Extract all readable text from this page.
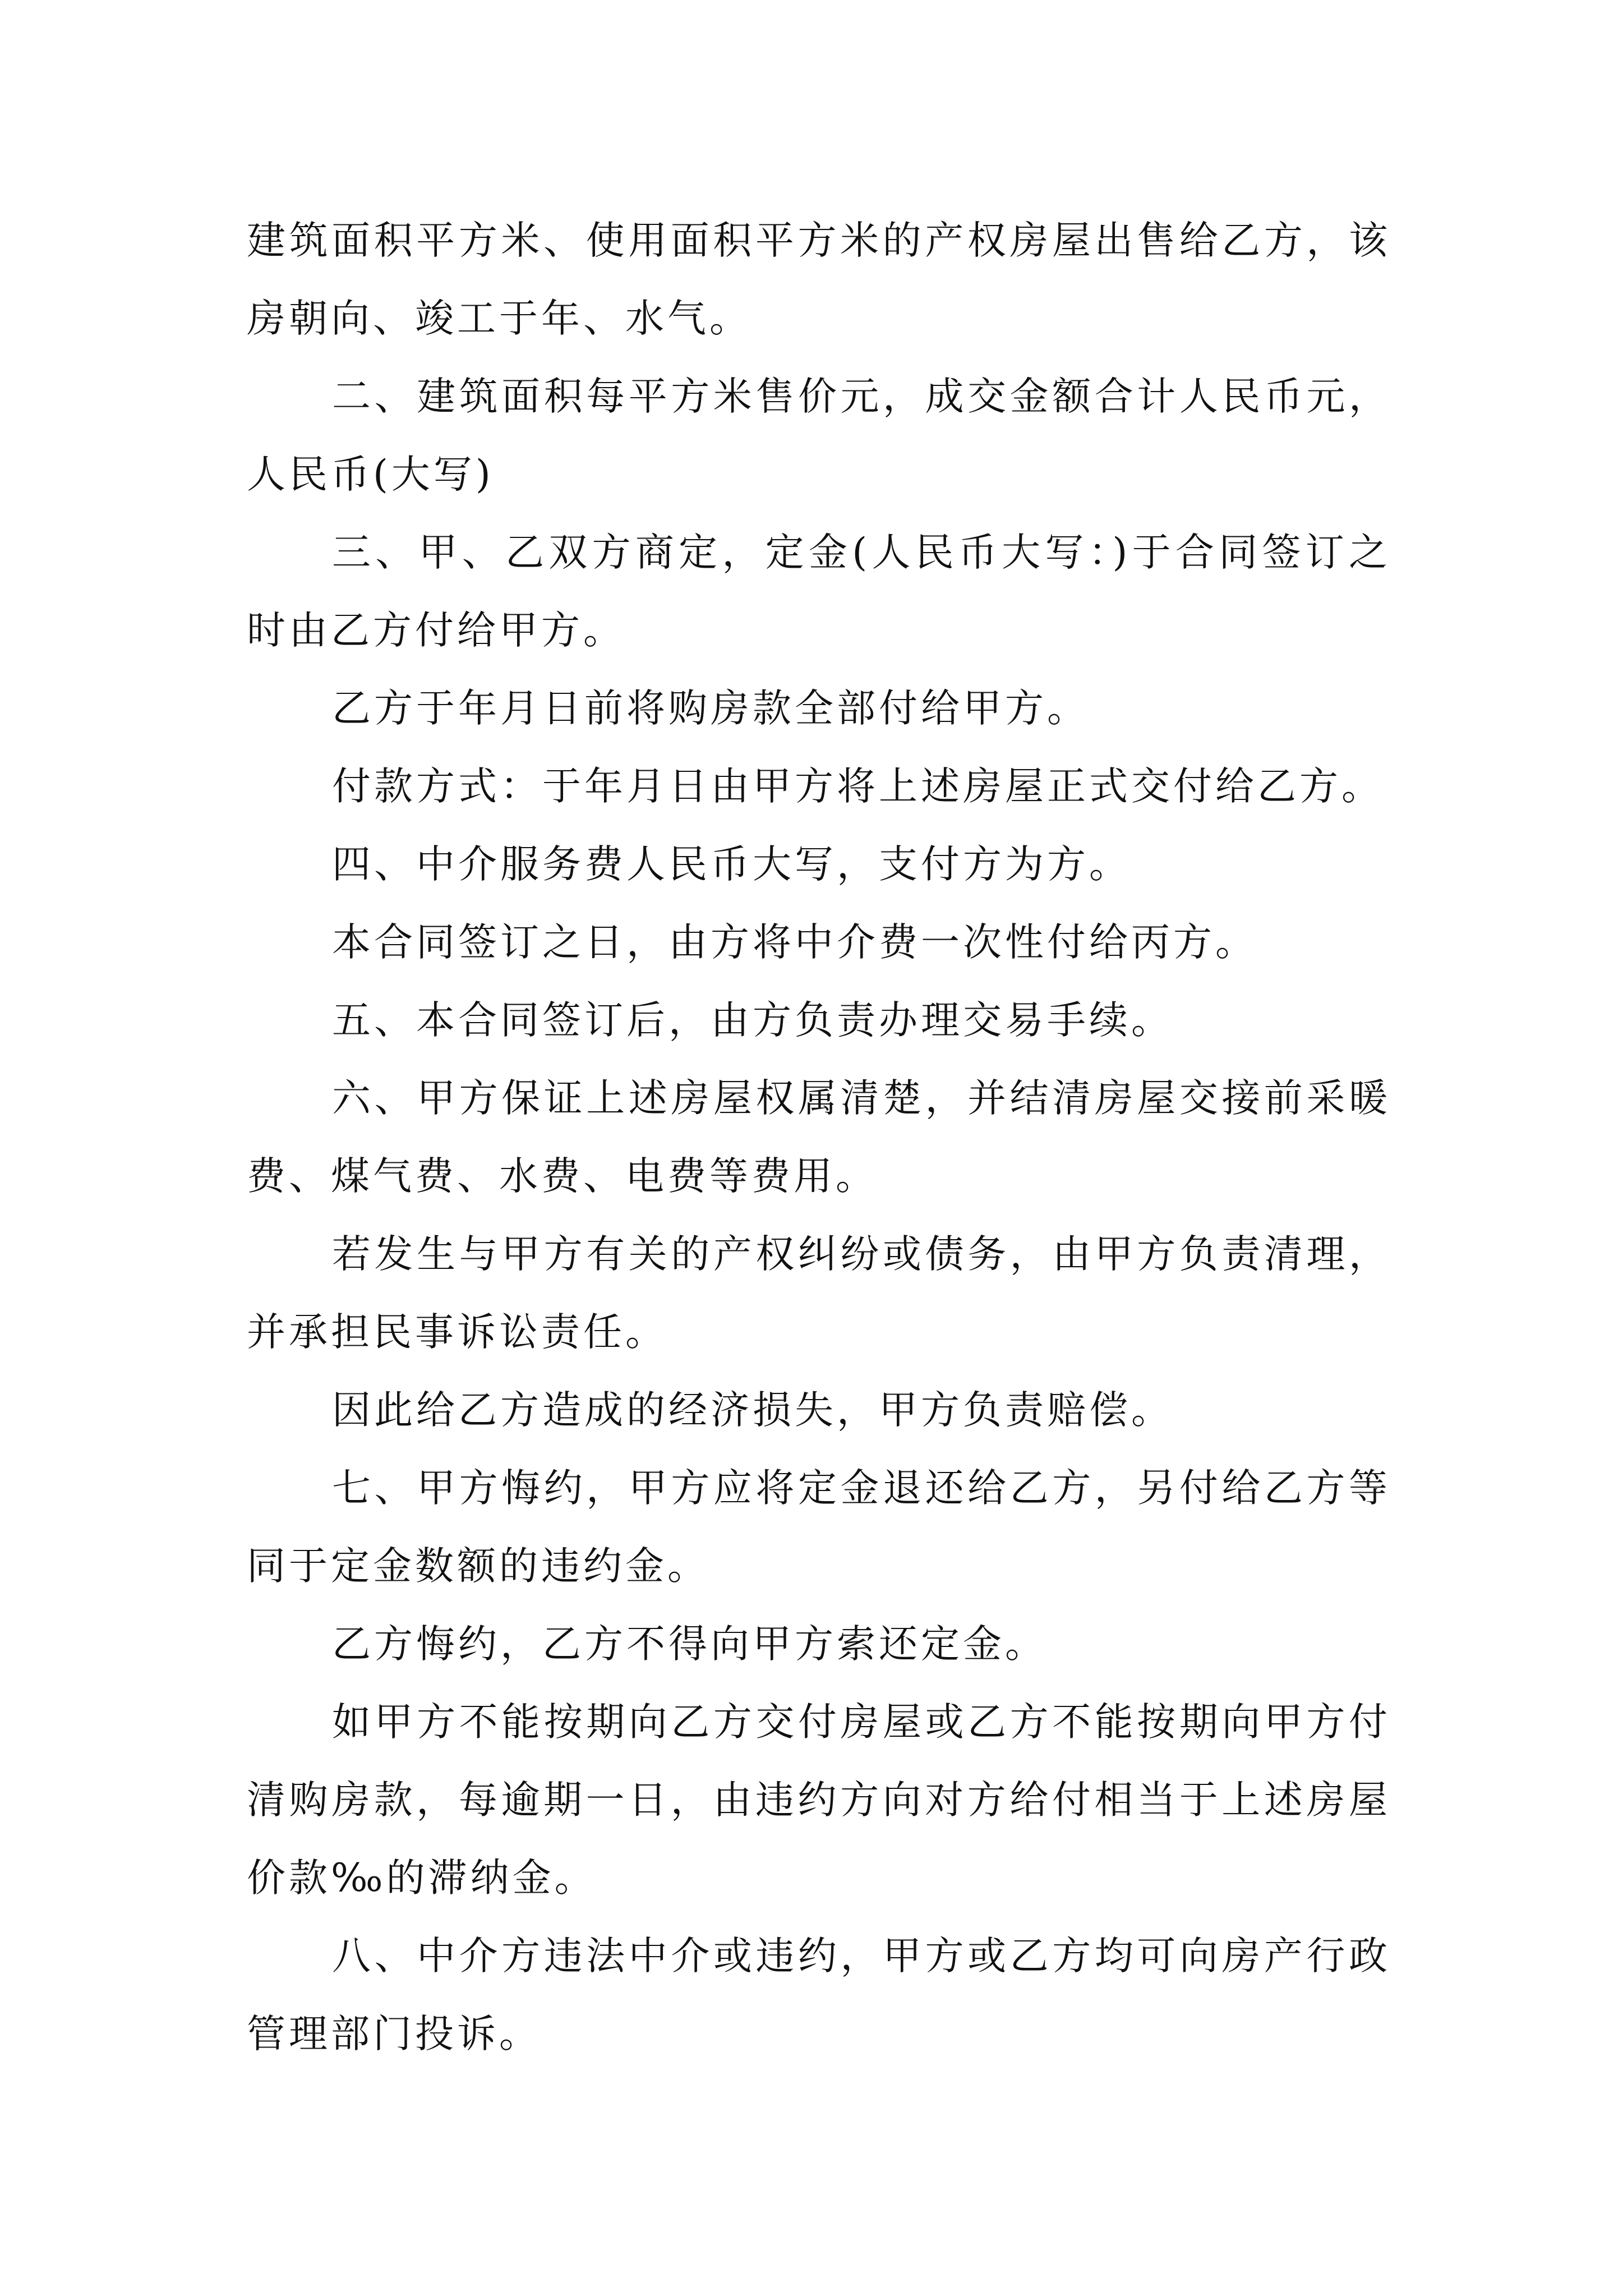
建筑面积平方米、使用面积平方米的产权房屋出售给乙方，该房朝向、竣工于年、水气。

二、建筑面积每平方米售价元，成交金额合计人民币元，人民币(大写)

三、甲、乙双方商定，定金(人民币大写：)于合同签订之时由乙方付给甲方。

乙方于年月日前将购房款全部付给甲方。

付款方式：于年月日由甲方将上述房屋正式交付给乙方。

四、中介服务费人民币大写，支付方为方。

本合同签订之日，由方将中介费一次性付给丙方。

五、本合同签订后，由方负责办理交易手续。

六、甲方保证上述房屋权属清楚，并结清房屋交接前采暖费、煤气费、水费、电费等费用。

若发生与甲方有关的产权纠纷或债务，由甲方负责清理，并承担民事诉讼责任。

因此给乙方造成的经济损失，甲方负责赔偿。

七、甲方悔约，甲方应将定金退还给乙方，另付给乙方等同于定金数额的违约金。

乙方悔约，乙方不得向甲方索还定金。

如甲方不能按期向乙方交付房屋或乙方不能按期向甲方付清购房款，每逾期一日，由违约方向对方给付相当于上述房屋价款‰的滞纳金。

八、中介方违法中介或违约，甲方或乙方均可向房产行政管理部门投诉。
